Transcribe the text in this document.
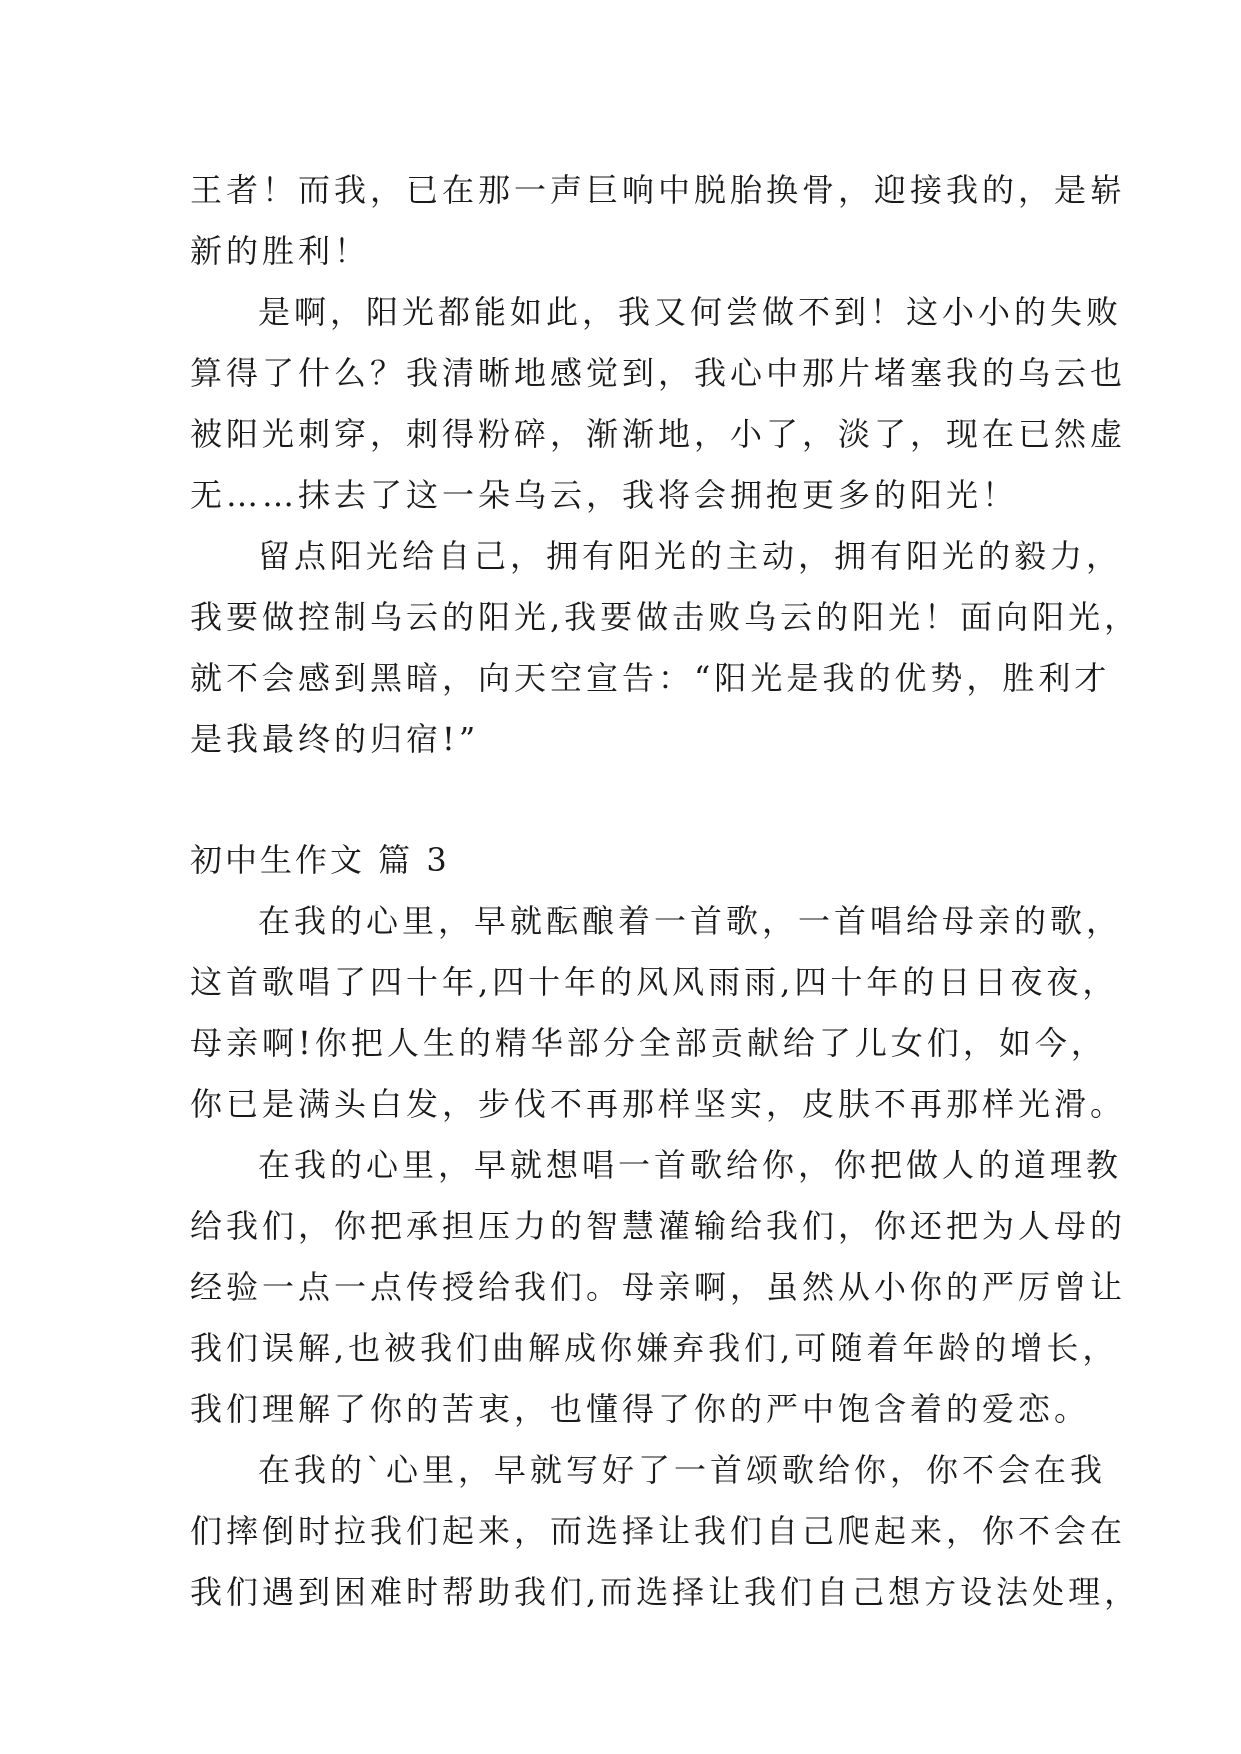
王者！而我，已在那一声巨响中脱胎换骨，迎接我的，是崭
新的胜利！
是啊，阳光都能如此，我又何尝做不到！这小小的失败
算得了什么？我清晰地感觉到，我心中那片堵塞我的乌云也
被阳光刺穿，刺得粉碎，渐渐地，小了，淡了，现在已然虚
无……抹去了这一朵乌云，我将会拥抱更多的阳光！
留点阳光给自己，拥有阳光的主动，拥有阳光的毅力，
我要做控制乌云的阳光,我要做击败乌云的阳光！面向阳光，
就不会感到黑暗，向天空宣告：“阳光是我的优势，胜利才
是我最终的归宿!”
初中生作文 篇 3
在我的心里，早就酝酿着一首歌，一首唱给母亲的歌，
这首歌唱了四十年,四十年的风风雨雨,四十年的日日夜夜，
母亲啊!你把人生的精华部分全部贡献给了儿女们，如今，
你已是满头白发，步伐不再那样坚实，皮肤不再那样光滑。
在我的心里，早就想唱一首歌给你，你把做人的道理教
给我们，你把承担压力的智慧灌输给我们，你还把为人母的
经验一点一点传授给我们。母亲啊，虽然从小你的严厉曾让
我们误解,也被我们曲解成你嫌弃我们,可随着年龄的增长，
我们理解了你的苦衷，也懂得了你的严中饱含着的爱恋。
在我的`心里，早就写好了一首颂歌给你，你不会在我
们摔倒时拉我们起来，而选择让我们自己爬起来，你不会在
我们遇到困难时帮助我们,而选择让我们自己想方设法处理，
